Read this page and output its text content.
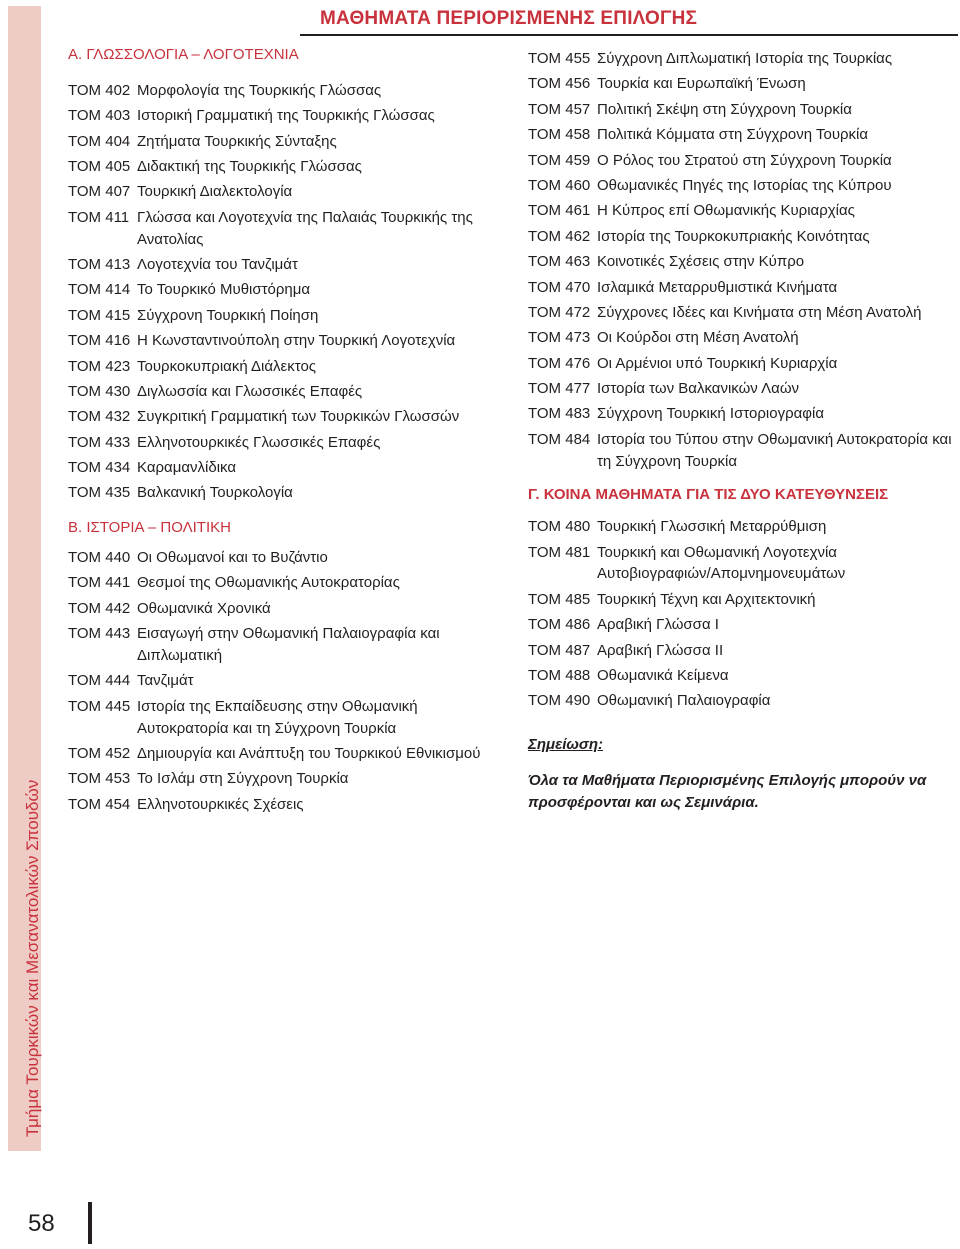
Τμήμα Τουρκικών και Μεσανατολικών Σπουδών
ΜΑΘΗΜΑΤΑ ΠΕΡΙΟΡΙΣΜΕΝΗΣ ΕΠΙΛΟΓΗΣ
Α. ΓΛΩΣΣΟΛΟΓΙΑ – ΛΟΓΟΤΕΧΝΙΑ
ΤΟΜ 402 Μορφολογία της Τουρκικής Γλώσσας
ΤΟΜ 403 Ιστορική Γραμματική της Τουρκικής Γλώσσας
ΤΟΜ 404 Ζητήματα Τουρκικής Σύνταξης
ΤΟΜ 405 Διδακτική της Τουρκικής Γλώσσας
ΤΟΜ 407 Τουρκική Διαλεκτολογία
ΤΟΜ 411 Γλώσσα και Λογοτεχνία της Παλαιάς Τουρκικής της Ανατολίας
ΤΟΜ 413 Λογοτεχνία του Τανζιμάτ
ΤΟΜ 414 Το Τουρκικό Μυθιστόρημα
ΤΟΜ 415 Σύγχρονη Τουρκική Ποίηση
ΤΟΜ 416 Η Κωνσταντινούπολη στην Τουρκική Λογοτεχνία
ΤΟΜ 423 Τουρκοκυπριακή Διάλεκτος
ΤΟΜ 430 Διγλωσσία και Γλωσσικές Επαφές
ΤΟΜ 432 Συγκριτική Γραμματική των Τουρκικών Γλωσσών
ΤΟΜ 433 Ελληνοτουρκικές Γλωσσικές Επαφές
ΤΟΜ 434 Καραμανλίδικα
ΤΟΜ 435 Βαλκανική Τουρκολογία
Β. ΙΣΤΟΡΙΑ – ΠΟΛΙΤΙΚΗ
ΤΟΜ 440 Οι Οθωμανοί και το Βυζάντιο
ΤΟΜ 441 Θεσμοί της Οθωμανικής Αυτοκρατορίας
ΤΟΜ 442 Οθωμανικά Χρονικά
ΤΟΜ 443 Εισαγωγή στην Οθωμανική Παλαιογραφία και Διπλωματική
ΤΟΜ 444 Τανζιμάτ
ΤΟΜ 445 Ιστορία της Εκπαίδευσης στην Οθωμανική Αυτοκρατορία και τη Σύγχρονη Τουρκία
ΤΟΜ 452 Δημιουργία και Ανάπτυξη του Τουρκικού Εθνικισμού
ΤΟΜ 453 Το Ισλάμ στη Σύγχρονη Τουρκία
ΤΟΜ 454 Ελληνοτουρκικές Σχέσεις
ΤΟΜ 455 Σύγχρονη Διπλωματική Ιστορία της Τουρκίας
ΤΟΜ 456 Τουρκία και Ευρωπαϊκή Ένωση
ΤΟΜ 457 Πολιτική Σκέψη στη Σύγχρονη Τουρκία
ΤΟΜ 458 Πολιτικά Κόμματα στη Σύγχρονη Τουρκία
ΤΟΜ 459 Ο Ρόλος του Στρατού στη Σύγχρονη Τουρκία
ΤΟΜ 460 Οθωμανικές Πηγές της Ιστορίας της Κύπρου
ΤΟΜ 461 Η Κύπρος επί Οθωμανικής Κυριαρχίας
ΤΟΜ 462 Ιστορία της Τουρκοκυπριακής Κοινότητας
ΤΟΜ 463 Κοινοτικές Σχέσεις στην Κύπρο
ΤΟΜ 470 Ισλαμικά Μεταρρυθμιστικά Κινήματα
ΤΟΜ 472 Σύγχρονες Ιδέες και Κινήματα στη Μέση Ανατολή
ΤΟΜ 473 Οι Κούρδοι στη Μέση Ανατολή
ΤΟΜ 476 Οι Αρμένιοι υπό Τουρκική Κυριαρχία
ΤΟΜ 477 Ιστορία των Βαλκανικών Λαών
ΤΟΜ 483 Σύγχρονη Τουρκική Ιστοριογραφία
ΤΟΜ 484 Ιστορία του Τύπου στην Οθωμανική Αυτοκρατορία και τη Σύγχρονη Τουρκία
Γ. ΚΟΙΝΑ ΜΑΘΗΜΑΤΑ ΓΙΑ ΤΙΣ ΔΥΟ ΚΑΤΕΥΘΥΝΣΕΙΣ
ΤΟΜ 480 Τουρκική Γλωσσική Μεταρρύθμιση
ΤΟΜ 481 Τουρκική και Οθωμανική Λογοτεχνία Αυτοβιογραφιών/Απομνημονευμάτων
ΤΟΜ 485 Τουρκική Τέχνη και Αρχιτεκτονική
ΤΟΜ 486 Αραβική Γλώσσα Ι
ΤΟΜ 487 Αραβική Γλώσσα ΙΙ
ΤΟΜ 488 Οθωμανικά Κείμενα
ΤΟΜ 490 Οθωμανική Παλαιογραφία
Σημείωση:
Όλα τα Μαθήματα Περιορισμένης Επιλογής μπορούν να προσφέρονται και ως Σεμινάρια.
58
